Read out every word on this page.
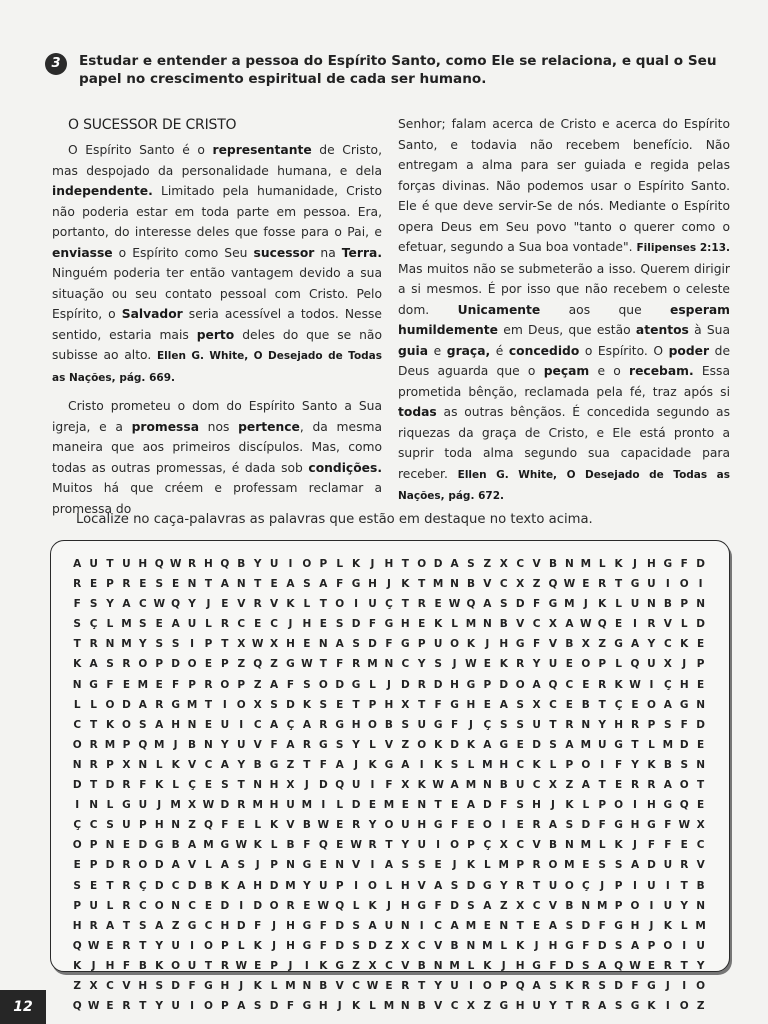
3	Estudar e entender a pessoa do Espírito Santo, como Ele se relaciona, e qual o Seu papel no crescimento espiritual de cada ser humano.
O SUCESSOR DE CRISTO

O Espírito Santo é o representante de Cristo, mas despojado da personalidade humana, e dela independente. Limitado pela humanidade, Cristo não poderia estar em toda parte em pessoa. Era, portanto, do interesse deles que fosse para o Pai, e enviasse o Espírito como Seu sucessor na Terra. Ninguém poderia ter então vantagem devido a sua situação ou seu contato pessoal com Cristo. Pelo Espírito, o Salvador seria acessível a todos. Nesse sentido, estaria mais perto deles do que se não subisse ao alto. Ellen G. White, O Desejado de Todas as Nações, pág. 669.

Cristo prometeu o dom do Espírito Santo a Sua igreja, e a promessa nos pertence, da mesma maneira que aos primeiros discípulos. Mas, como todas as outras promessas, é dada sob condições. Muitos há que créem e professam reclamar a promessa do

Senhor; falam acerca de Cristo e acerca do Espírito Santo, e todavia não recebem benefício. Não entregam a alma para ser guiada e regida pelas forças divinas. Não podemos usar o Espírito Santo. Ele é que deve servir-Se de nós. Mediante o Espírito opera Deus em Seu povo "tanto o querer como o efetuar, segundo a Sua boa vontade". Filipenses 2:13. Mas muitos não se submeterão a isso. Querem dirigir a si mesmos. É por isso que não recebem o celeste dom. Unicamente aos que esperam humildemente em Deus, que estão atentos à Sua guia e graça, é concedido o Espírito. O poder de Deus aguarda que o peçam e o recebam. Essa prometida bênção, reclamada pela fé, traz após si todas as outras bênçãos. É concedida segundo as riquezas da graça de Cristo, e Ele está pronto a suprir toda alma segundo sua capacidade para receber. Ellen G. White, O Desejado de Todas as Nações, pág. 672.

Localize no caça-palavras as palavras que estão em destaque no texto acima.
A U T U H Q W R H Q B Y U I O P L K J H T O D A S Z X C V B N M L K J H G F D
R E P R E S E N T A N T E A S A F G H J K T M N B V C X Z Q W E R T G U I O I
F S Y A C W Q Y	J	E V R V K L T O I U Ç T R E W Q A S D F G M J K L U N B P N
S Ç L M S E A U L R C E C	J H E S D F G H E K L M N B V C X A W Q E	I R V L D
T R N M Y S S	I	P T X W X H E N A S D F G P U O K J H G F V B X Z G A Y C K E
K A S R O P D O E P Z Q Z G W T F R M N C Y S	J W E K R Y U E O P L Q U X J	P
N G F E M E F P R O P Z A F S O D G L	J D R D H G P D O A Q C E R K W I	Ç H E
L L O D A R G M T	I O X S D K S E T P H X T F G H E A S X C E B T Ç E O A G N
C T K O S A H N E U I	C A Ç A R G H O B S U G F	J	Ç S S U T R N Y H R P S F D
O R M P Q M J B N Y U V F A R G S Y L V Z O K D K A G E D S A M U G T L M D E
N R P X N L K V C A Y B G Z T F A J K G A I K S L M H C K L P O I	F Y K B S N
D T D R F K L Ç E S T N H X J D Q U I	F X K W A M N B U C X Z A T E R R A O T
I N L G U J M X W D R M H U M I	L D E M E N T E A D F S H J K L P O I H G Q E
Ç C S U P H N Z Q F E L K V B W E R Y O U H G F E O I	E R A S D F G H G F W X
O P N E D G B A M G W K L B F Q E W R T Y U I O P Ç X C V B N M L K J	F F E C
E P D R O D A V L A S	J	P N G E N V I A S S E	J K L M P R O M E S S A D U R V
S E T R Ç D C D B K A H D M Y U P	I O L H V A S D G Y R T U O Ç	J	P	I U I	T B
P U L R C O N C E D I D O R E W Q L K J H G F D S A Z X C V B N M P O I U Y N
H R A T S A Z G C H D F	J H G F D S A U N I	C A M E N T E A S D F G H J K L M
Q W E R T Y U I O P L K J H G F D S D Z X C V B N M L K J H G F D S A P O I U
K J H F B K O U T R W E P	J	I K G Z X C V B N M L K J H G F D S A Q W E R T Y
Z X C V H S D F G H J K L M N B V C W E R T Y U I O P Q A S K R S D F G J	I O
Q W E R T Y U I O P A S D F G H J K L M N B V C X Z G H U Y T R A S G K I O Z
12
